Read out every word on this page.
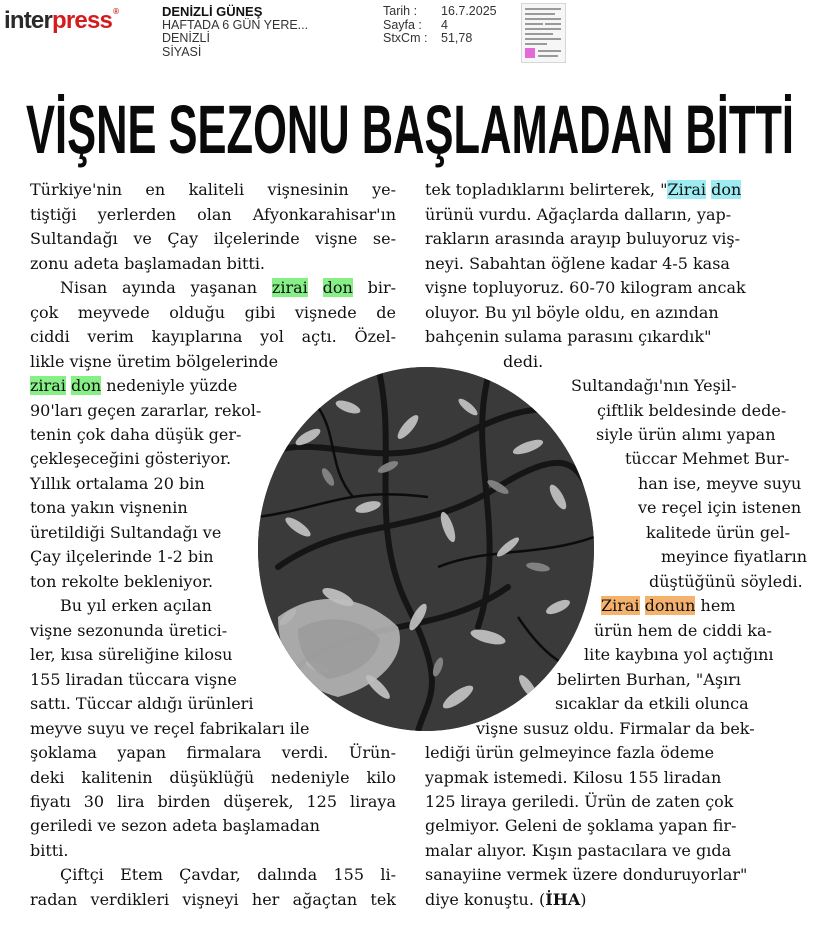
interpress®	DENİZLİ GÜNEŞ
HAFTADA 6 GÜN YERE...
DENİZLİ
SİYASİ
Tarih :	16.7.2025
Sayfa :	4
StxCm :	51,78
VİŞNE SEZONU BAŞLAMADAN BİTTİ
Türkiye'nin en kaliteli vişnesinin ye-
tiştiği yerlerden olan Afyonkarahisar'ın
Sultandağı ve Çay ilçelerinde vişne se-
zonu adeta başlamadan bitti.
Nisan ayında yaşanan zirai don bir-
çok meyvede olduğu gibi vişnede de
ciddi verim kayıplarına yol açtı. Özel-
likle vişne üretim bölgelerinde
zirai don nedeniyle yüzde
90'ları geçen zararlar, rekol-
tenin çok daha düşük ger-
çekleşeceğini gösteriyor.
Yıllık ortalama 20 bin
tona yakın vişnenin
üretildiği Sultandağı ve
Çay ilçelerinde 1-2 bin
ton rekolte bekleniyor.
Bu yıl erken açılan
vişne sezonunda üretici-
ler, kısa süreliğine kilosu
155 liradan tüccara vişne
sattı. Tüccar aldığı ürünleri
meyve suyu ve reçel fabrikaları ile
şoklama yapan firmalara verdi. Ürün-
deki kalitenin düşüklüğü nedeniyle kilo
fiyatı 30 lira birden düşerek, 125 liraya
geriledi ve sezon adeta başlamadan
bitti.
Çiftçi Etem Çavdar, dalında 155 li-
radan verdikleri vişneyi her ağaçtan tek
tek topladıklarını belirterek, "Zirai don
ürünü vurdu. Ağaçlarda dalların, yap-
rakların arasında arayıp buluyoruz viş-
neyi. Sabahtan öğlene kadar 4-5 kasa
vişne topluyoruz. 60-70 kilogram ancak
oluyor. Bu yıl böyle oldu, en azından
bahçenin sulama parasını çıkardık"
dedi.
Sultandağı'nın Yeşil-
çiftlik beldesinde dede-
siyle ürün alımı yapan
tüccar Mehmet Bur-
han ise, meyve suyu
ve reçel için istenen
kalitede ürün gel-
meyince fiyatların
düştüğünü söyledi.
Zirai donun hem
ürün hem de ciddi ka-
lite kaybına yol açtığını
belirten Burhan, "Aşırı
sıcaklar da etkili olunca
vişne susuz oldu. Firmalar da bek-
lediği ürün gelmeyince fazla ödeme
yapmak istemedi. Kilosu 155 liradan
125 liraya geriledi. Ürün de zaten çok
gelmiyor. Geleni de şoklama yapan fir-
malar alıyor. Kışın pastacılara ve gıda
sanayiine vermek üzere donduruyorlar"
diye konuştu. (İHA)
